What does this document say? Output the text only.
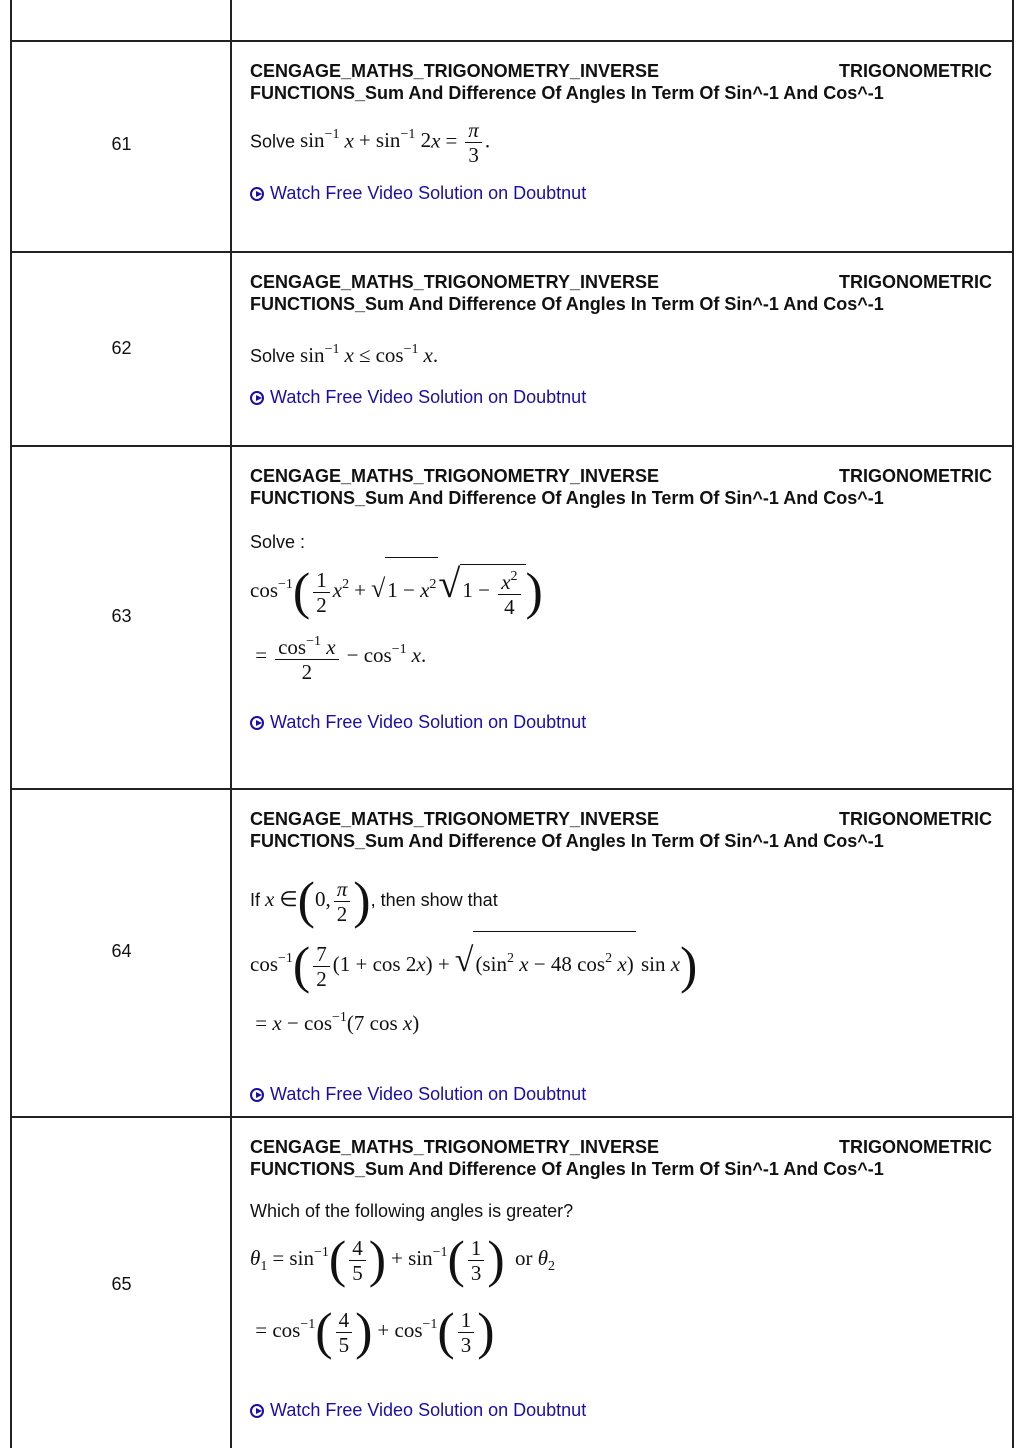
61
CENGAGE_MATHS_TRIGONOMETRY_INVERSE	TRIGONOMETRIC
FUNCTIONS_Sum And Difference Of Angles In Term Of Sin^-1 And Cos^-1
Solve $\sin^{-1} x + \sin^{-1} 2x = \frac{\pi}{3}$ .
Watch Free Video Solution on Doubtnut
62
CENGAGE_MATHS_TRIGONOMETRY_INVERSE	TRIGONOMETRIC
FUNCTIONS_Sum And Difference Of Angles In Term Of Sin^-1 And Cos^-1
Solve $\sin^{-1} x \le \cos^{-1} x$.
Watch Free Video Solution on Doubtnut
63
CENGAGE_MATHS_TRIGONOMETRY_INVERSE	TRIGONOMETRIC
FUNCTIONS_Sum And Difference Of Angles In Term Of Sin^-1 And Cos^-1
Solve :
$\cos^{-1}( \frac{1}{2} x^2 + √1 - x^2√1 - \frac{x^2}{4}$ )
= $\frac{\cos^{-1} x}{2} - \cos^{-1} x$.
Watch Free Video Solution on Doubtnut
64
CENGAGE_MATHS_TRIGONOMETRY_INVERSE	TRIGONOMETRIC
FUNCTIONS_Sum And Difference Of Angles In Term Of Sin^-1 And Cos^-1
If x ∈(0, $\frac{\pi}{2}$ ), then show that
$\cos^{-1}( \frac{7}{2} (1 + \cos 2x) + √(\sin^2$ x − 48 $\cos^2 x$) sin x)
= $x - \cos^{-1}(7$ cos x)
Watch Free Video Solution on Doubtnut
65
CENGAGE_MATHS_TRIGONOMETRY_INVERSE	TRIGONOMETRIC
FUNCTIONS_Sum And Difference Of Angles In Term Of Sin^-1 And Cos^-1
Which of the following angles is greater?
$\theta_1 = \sin^{-1}( \frac{4}{5}$ ) + $\sin^{-1}( \frac{1}{3}$ ) or $\theta_2$
= $\cos^{-1}( \frac{4}{5}$ ) + $\cos^{-1}( \frac{1}{3}$ )
Watch Free Video Solution on Doubtnut
